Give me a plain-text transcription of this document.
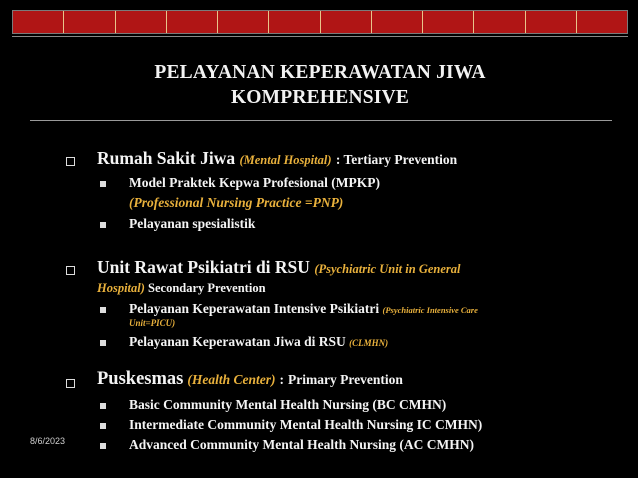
PELAYANAN KEPERAWATAN JIWA
KOMPREHENSIVE
Rumah Sakit Jiwa (Mental Hospital) : Tertiary Prevention
Model Praktek Kepwa Profesional (MPKP)
(Professional Nursing Practice =PNP)
Pelayanan spesialistik
Unit Rawat Psikiatri di RSU (Psychiatric Unit in General
Hospital) Secondary Prevention
Pelayanan Keperawatan Intensive Psikiatri (Psychiatric Intensive Care
Unit=PICU)
Pelayanan Keperawatan Jiwa di RSU (CLMHN)
Puskesmas (Health Center) : Primary Prevention
Basic Community Mental Health Nursing (BC CMHN)
Intermediate Community Mental Health Nursing IC CMHN)
Advanced Community Mental Health Nursing (AC CMHN)
8/6/2023
